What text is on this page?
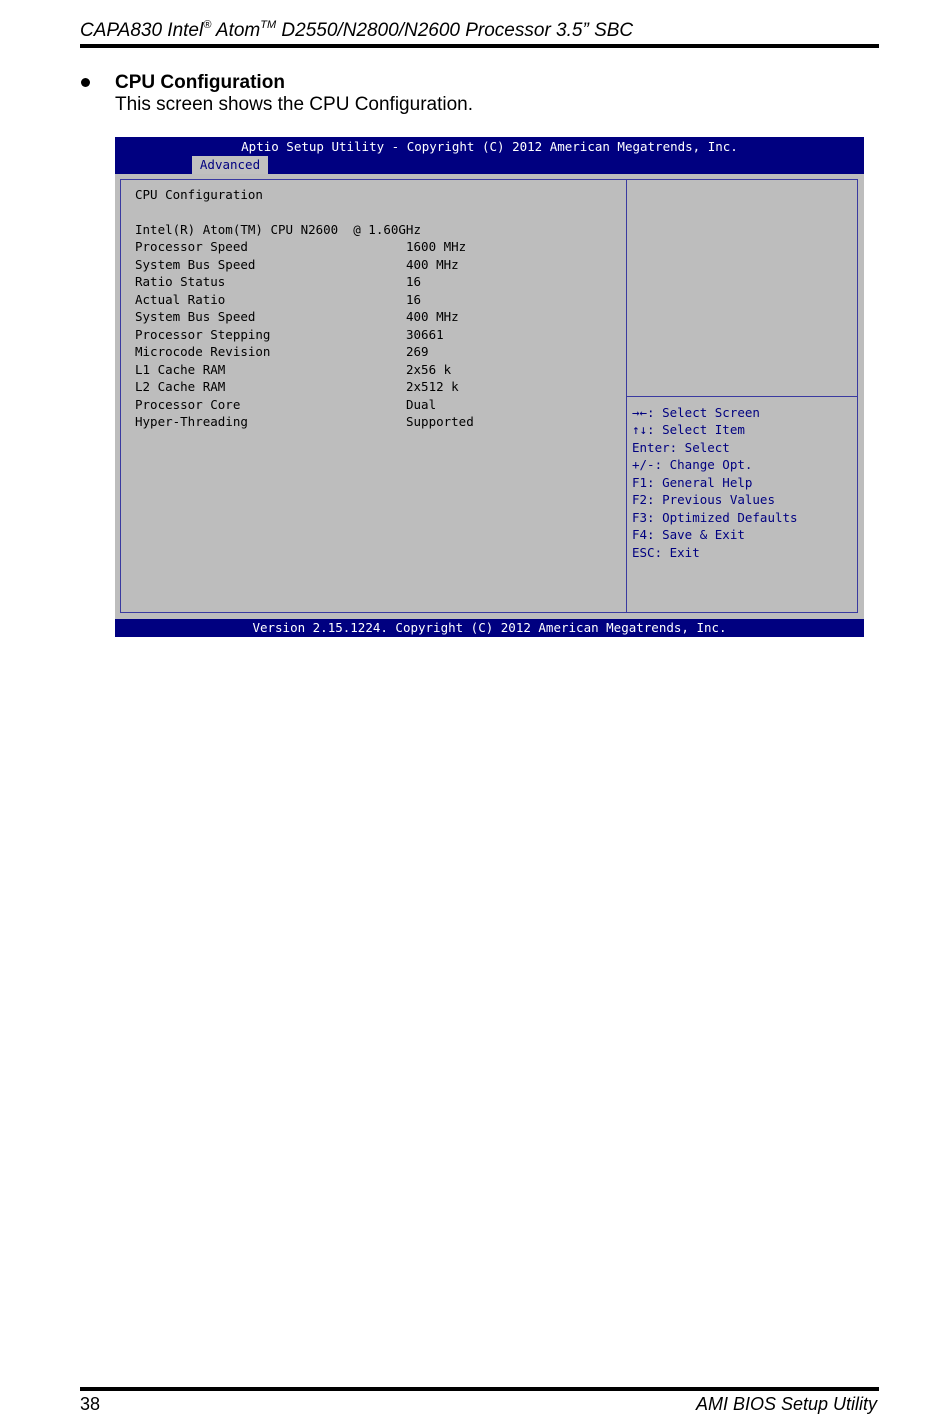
CAPA830 Intel® Atom™ D2550/N2800/N2600 Processor 3.5” SBC
CPU Configuration
This screen shows the CPU Configuration.
Aptio Setup Utility - Copyright (C) 2012 American Megatrends, Inc.
Advanced
CPU Configuration
Intel(R) Atom(TM) CPU N2600  @ 1.60GHz
Processor Speed	1600 MHz
System Bus Speed	400 MHz
Ratio Status	16
Actual Ratio	16
System Bus Speed	400 MHz
Processor Stepping	30661
Microcode Revision	269
L1 Cache RAM	2x56 k
L2 Cache RAM	2x512 k
Processor Core	Dual
Hyper-Threading	Supported
→←: Select Screen
↑↓: Select Item
Enter: Select
+/-: Change Opt.
F1: General Help
F2: Previous Values
F3: Optimized Defaults
F4: Save & Exit
ESC: Exit
Version 2.15.1224. Copyright (C) 2012 American Megatrends, Inc.
38	AMI BIOS Setup Utility
